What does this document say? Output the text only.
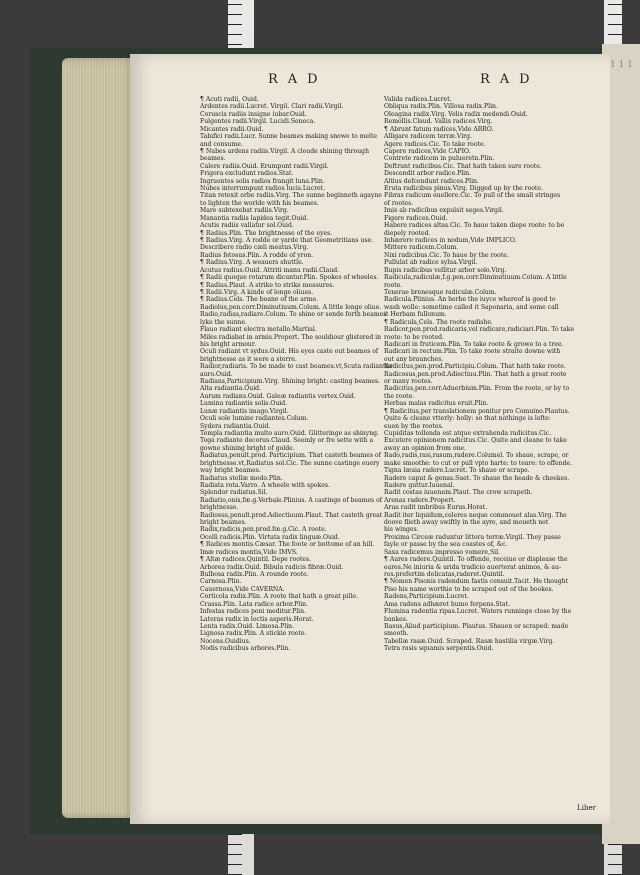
1 1 1
RAD	RAD
¶ Acuti radii, Ouid.
Ardentes radii.Lucret. Virgil. Clari radii.Virgil.
Coruscis radiis insigne iubar.Ouid.
Fulgentes radii.Virgil. Lucidi.Seneca.
Micantes radii.Ouid.
Tabifici radii.Lucr. Sunne beames making snowe to melte
and consume.
¶ Nubes ardens radiis.Virgil. A cloude shining through
beames.
Calere radiis.Ouid. Erumpunt radii.Virgil.
Frigora excludunt radios.Stat.
Ingruentes solis radios frangit luna.Plin.
Nubes interrumpunt radios lucis.Lucret.
Titan retexit orbe radiis.Virg. The sunne beginneth agayne
to lighten the worlde with his beames.
Mare subtexebat radiis.Virg.
Manantia radiis lapidea tegit.Ouid.
Acutis radiis vallatur sol.Ouid.
¶ Radius.Plin. The brightnesse of the eyes.
¶ Radius.Virg. A rodde or yarde that Geometritians use.
Describere radio cæli meatus.Virg.
Radius fetosus.Plin. A rodde of yron.
¶ Radius.Virg. A weauers shuttle.
Acutus radius.Ouid. Attriti manu radii.Claud.
¶ Radii quoque rotarum dicuntur.Plin. Spokes of wheeles.
¶ Radius.Plaut. A strike to strike measures.
¶ Radii.Virg. A kinde of longe oliues.
¶ Radius.Cels. The boane of the arme.
Radiolus,pen.corr.Diminutiuum.Colum. A little longe oliue.
Radio,radias,radiare.Colum. To shine or sende forth beames
lyke the sunne.
Flauo radiant electra metallo.Martial.
Miles radiabat in armis.Propert. The souldiour glistered in
his bright armour.
Oculi radiant vt sydus.Ouid. His eyes caste out beames of
brightnesse as it were a sterre.
Radior,radiaris. To be made to cast beames.vt,Scuta radiantur
auro.Ouid.
Radians,Participium.Virg. Shining bright: casting beames.
Alta radiantia.Ouid.
Aurum radians.Ouid. Galeæ radiantis vertex.Ouid.
Lumina radiantis solis.Ouid.
Lunæ radiantis imago.Virgil.
Oculi sole lumine radiantes.Colum.
Sydera radiantia.Ouid.
Templa radiantia multo auro.Ouid. Glitteringe as shinyng.
Toga radiante decorus.Claud. Seemly or fre sette with a
gowne shining bright of golde.
Radiatus,penult.prod. Participium. That casteth beames of
brightnesse.vt,Radiatus sol.Cic. The sunne castinge euery
way bright beames.
Radiatus stellæ modo.Plin.
Radiata rota.Varro. A wheele with spokes.
Splendor radiatus.Sil.
Radiatio,onis,fæ.g.Verbale.Plinius. A castinge of beames of
brightnesse.
Radiosus,penult.prod.Adiectiuum.Plaut. That casteth great
bright beames.
Radix,radicis,pen.prod.fœ.g.Cic. A roote.
Ocelli radicis.Plin. Virtuta radix linguæ.Ouid.
¶ Radices montis.Cæsar. The foote or bottome of an hill.
Imæ radices montis,Vide IMVS.
¶ Altæ radices.Quintil. Depe rootes.
Arborea radix.Ouid. Bibula radicis fibræ.Ouid.
Bulbosa radix.Plin. A rounde roote.
Carnosa.Plin.
Cauernosa,Vide CAVERNA.
Corticola radix.Plin. A roote that hath a great pille.
Crassa.Plin. Lata radice arbor.Plin.
Infestas radices poni meditur.Plin.
Lateras radix in loctis asperis.Horat.
Lenta radix.Ouid. Limosa.Plin.
Lignosa radix.Plin. A stickie roote.
Nocens.Ouidius.
Nodis radicibus arbores.Plin.
Valida radices.Lucret.
Obliqua radix.Plin. Villosa radix.Plin.
Oleagina radix.Virg. Velis radix medendi.Ouid.
Remollis.Claud. Vallis radices.Virg.
¶ Abrunt fatum radices,Vide ABRO.
Alligare radicem terræ.Virg.
Agere radices.Cic. To take roote.
Capere radices,Vide CAPIO.
Contrete radicem in pulueretn.Plin.
Deftrunt radicibus.Cic. That hath taken sure roote.
Descendit arbor radice.Plin.
Altius defcendunt radices.Plin.
Eruta radicibus pinus.Virg. Digged up by the roote.
Fibras radicum euellere.Cic. To pull of the small stringes
of rootes.
Imis ab radicibus expulsit seges.Virgil.
Figere radices.Ouid.
Habere radices altas.Cic. To haue taken diepe roote: to be
diepely rooted.
Inhærere radices in nodum,Vide IMPLICO.
Mittere radicem.Colum.
Nixi radicibus.Cic. To haue by the roote.
Pullulat ab radice sylua.Virgil.
Rupis radicibus vellitur arbor solo.Virg.
Radicula,radiculæ,f.g.pen.corr.Diminutiuum.Colum. A little
roote.
Tenerae brenesque radiculæ.Colum.
Radicula.Plinius. An herbe the iuyce whereof is good to
wash wolle: sometime called it Saponaria, and some call
it Herbam fullonum.
¶ Radicula,Cels. The roote radishe.
Radicor,pen.prod.radicaris,vel radicare,radiciari.Plin. To take
roote: to be rooted.
Radicari in fruticem.Plin. To take roote & growe to a tree.
Radicari in rectum.Plin. To take roote straite downe with
out any braunches.
Radicitus,pen.prod.Participiu.Colum. That hath take roote.
Radicosus,pen.prod.Adiectiuu.Plin. That hath a great roote
or many rootes.
Radicitus,pen.corr.Aduerbium.Plin. From the roote, or by to
the roote.
Herbas malas radicitus eruit.Plin.
¶ Radicitus,per translationem ponitur pro Comuino.Plautus.
Quite & cleane vtterly: holly: so that nothinge is lefte:
euen by the rootes.
Cupiditas tollenda est atque extrahenda radicitus.Cic.
Excutere opinionem radicitus.Cic. Quite and cleane to take
away an opinion from one.
Rado,radis,rasi,rasum,radere.Columel. To shaue, scrape, or
make smoothe: to cut or pull vpto harte: to teare: to offende.
Tigna læuia radere.Lucret. To shaue or scrape.
Radere caput & genas.Suet. To shaue the heade & cheekes.
Radere guttur.Iuuenal.
Radit costas iuuenum.Plaut. The crow scrapeth.
Arenas radere.Propert.
Arua radit imbribus Eurus.Horat.
Radit iter liquidum,celeres neque commouet alas.Virg. The
doove flieth away swiftly in the ayre, and moueth not
his winges.
Proxima Circeæ raduntur littora terræ.Virgil. They passe
fayle or passe by the sea coastes of, &c.
Saxa radicemus impresso vomere,Sil.
¶ Aures radere.Quintil. To offende, receiue or displease the
eares.Ne iniuria & arida tradicio auerterat animos, & au-
res.prefertim delicatas,raderet.Quintil.
¶ Nomen Pisonis radendum fastis censuit.Tacit. He thought
Piso his name worthie to be scraped out of the bookes.
Radens,Participium.Lucret.
Ama radens adhæret humo ferpens.Stat.
Flumina radentia ripas.Lucret. Waters runninge close by the
bankes.
Rasus,Aliud participium. Plautus. Shauen or scraped: made
smooth.
Tabellæ rasæ.Ouid. Scraped. Rasæ hastilia virgæ.Virg.
Tetra rasis squamis serpentis.Ouid.
Liber
